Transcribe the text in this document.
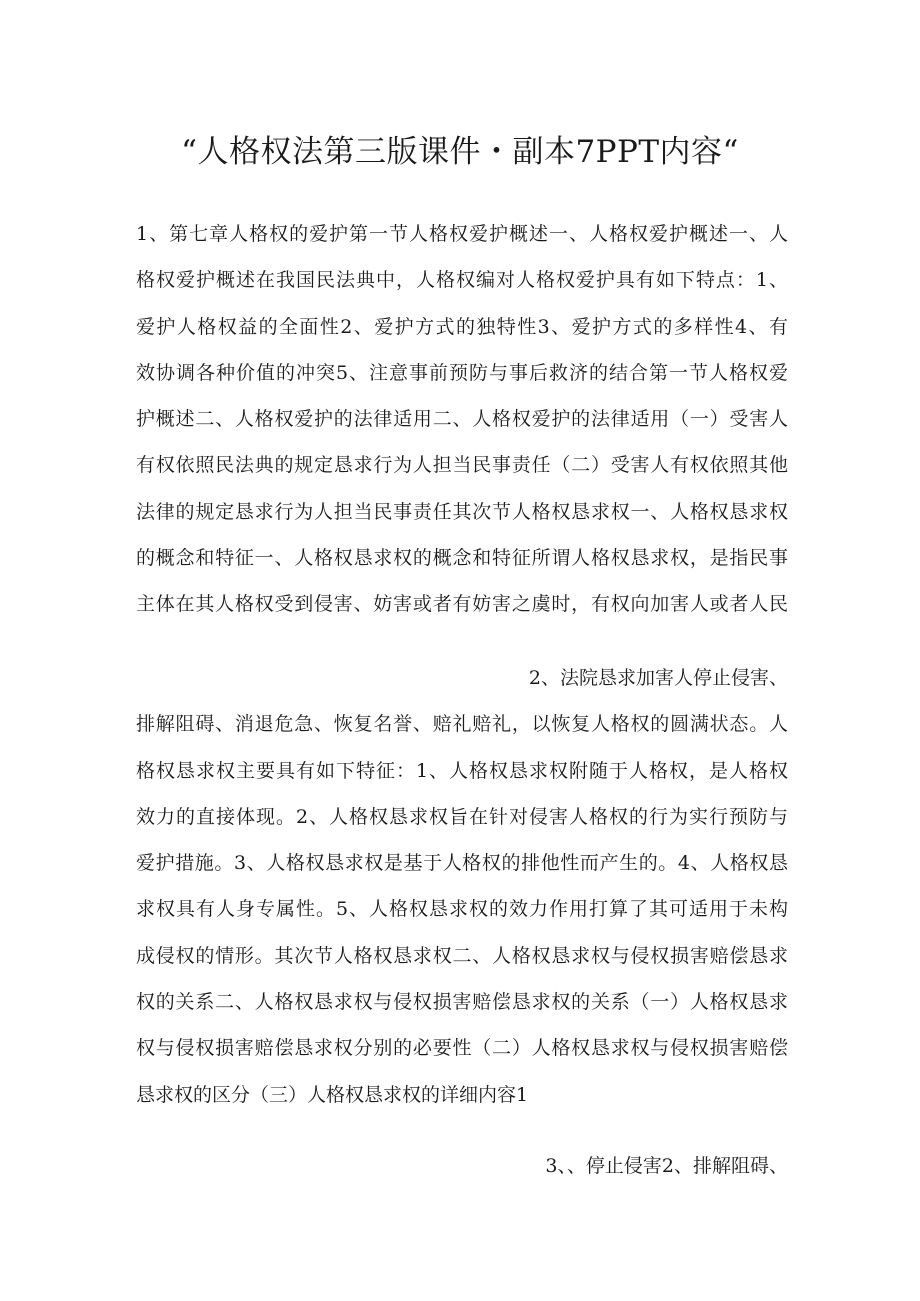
“人格权法第三版课件・副本7PPT内容“
1、第七章人格权的爱护第一节人格权爱护概述一、人格权爱护概述一、人
格权爱护概述在我国民法典中，人格权编对人格权爱护具有如下特点：1、
爱护人格权益的全面性2、爱护方式的独特性3、爱护方式的多样性4、有
效协调各种价值的冲突5、注意事前预防与事后救济的结合第一节人格权爱
护概述二、人格权爱护的法律适用二、人格权爱护的法律适用（一）受害人
有权依照民法典的规定恳求行为人担当民事责任（二）受害人有权依照其他
法律的规定恳求行为人担当民事责任其次节人格权恳求权一、人格权恳求权
的概念和特征一、人格权恳求权的概念和特征所谓人格权恳求权，是指民事
主体在其人格权受到侵害、妨害或者有妨害之虞时，有权向加害人或者人民
2、法院恳求加害人停止侵害、
排解阻碍、消退危急、恢复名誉、赔礼赔礼，以恢复人格权的圆满状态。人
格权恳求权主要具有如下特征：1、人格权恳求权附随于人格权，是人格权
效力的直接体现。2、人格权恳求权旨在针对侵害人格权的行为实行预防与
爱护措施。3、人格权恳求权是基于人格权的排他性而产生的。4、人格权恳
求权具有人身专属性。5、人格权恳求权的效力作用打算了其可适用于未构
成侵权的情形。其次节人格权恳求权二、人格权恳求权与侵权损害赔偿恳求
权的关系二、人格权恳求权与侵权损害赔偿恳求权的关系（一）人格权恳求
权与侵权损害赔偿恳求权分别的必要性（二）人格权恳求权与侵权损害赔偿
恳求权的区分（三）人格权恳求权的详细内容1
3、、停止侵害2、排解阻碍、
